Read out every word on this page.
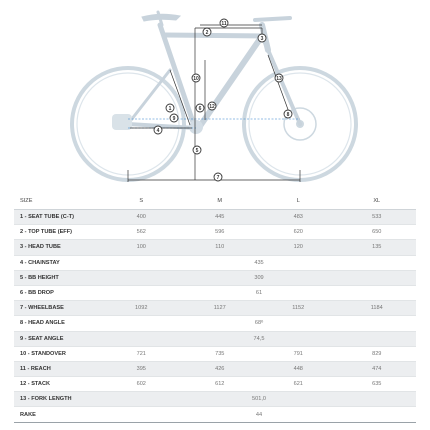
1
2
3
4
5
6
7
8
9
10
11
12
13
SIZE	S	M	L	XL
1 - SEAT TUBE (C-T)	400	445	483	533
2 - TOP TUBE (EFF)	562	596	620	650
3 - HEAD TUBE	100	110	120	135
4 - CHAINSTAY	435			
5 - BB HEIGHT	309			
6 - BB DROP	61			
7 - WHEELBASE	1092	1127	1152	1184
8 - HEAD ANGLE	68º			
9 - SEAT ANGLE	74,5			
10 - STANDOVER	721	735	791	829
11 - REACH	395	426	448	474
12 - STACK	602	612	621	635
13 - FORK LENGTH	501,0			
RAKE	44			
